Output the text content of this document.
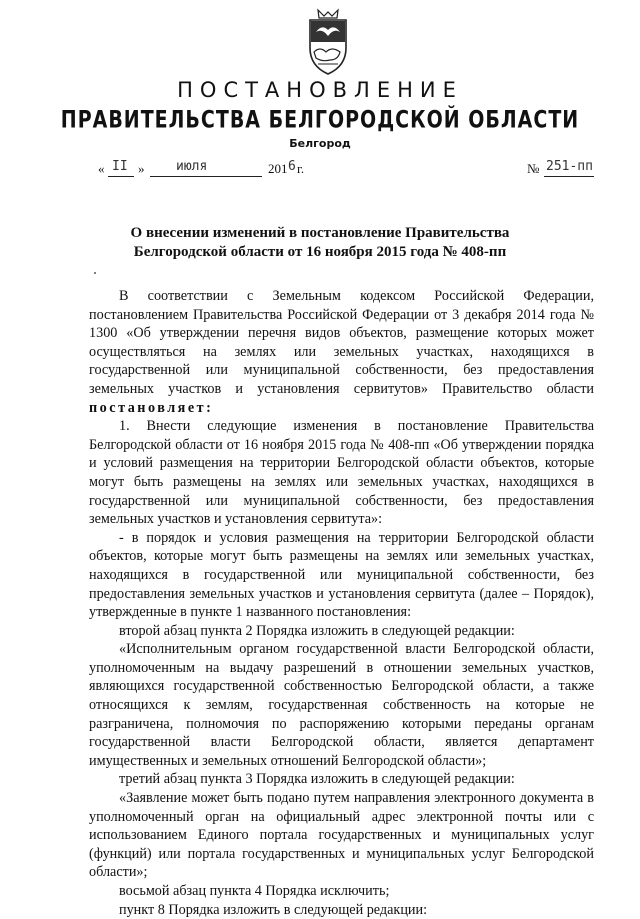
ПОСТАНОВЛЕНИЕ
ПРАВИТЕЛЬСТВА БЕЛГОРОДСКОЙ ОБЛАСТИ
Белгород
« II » июля	201 6 г.	№ 251-пп
О внесении изменений в постановление Правительства
Белгородской области от 16 ноября 2015 года № 408-пп

В соответствии с Земельным кодексом Российской Федерации, постановлением Правительства Российской Федерации от 3 декабря 2014 года № 1300 «Об утверждении перечня видов объектов, размещение которых может осуществляться на землях или земельных участках, находящихся в государственной или муниципальной собственности, без предоставления земельных участков и установления сервитутов» Правительство области постановляет:

1. Внести следующие изменения в постановление Правительства Белгородской области от 16 ноября 2015 года № 408-пп «Об утверждении порядка и условий размещения на территории Белгородской области объектов, которые могут быть размещены на землях или земельных участках, находящихся в государственной или муниципальной собственности, без предоставления земельных участков и установления сервитута»:

- в порядок и условия размещения на территории Белгородской области объектов, которые могут быть размещены на землях или земельных участках, находящихся в государственной или муниципальной собственности, без предоставления земельных участков и установления сервитута (далее – Порядок), утвержденные в пункте 1 названного постановления:

второй абзац пункта 2 Порядка изложить в следующей редакции:

«Исполнительным органом государственной власти Белгородской области, уполномоченным на выдачу разрешений в отношении земельных участков, являющихся государственной собственностью Белгородской области, а также относящихся к землям, государственная собственность на которые не разграничена, полномочия по распоряжению которыми переданы органам государственной власти Белгородской области, является департамент имущественных и земельных отношений Белгородской области»;

третий абзац пункта 3 Порядка изложить в следующей редакции:

«Заявление может быть подано путем направления электронного документа в уполномоченный орган на официальный адрес электронной почты или с использованием Единого портала государственных и муниципальных услуг (функций) или портала государственных и муниципальных услуг Белгородской области»;

восьмой абзац пункта 4 Порядка исключить;

пункт 8 Порядка изложить в следующей редакции:
